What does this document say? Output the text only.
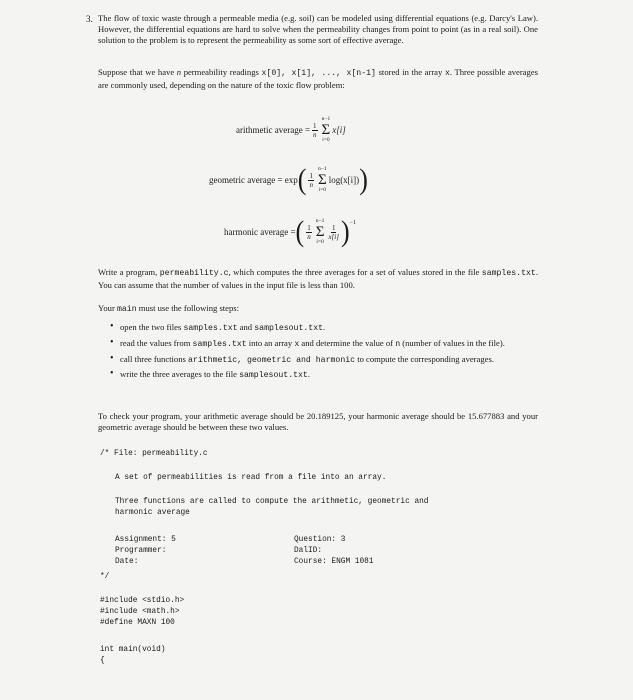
3. The flow of toxic waste through a permeable media (e.g. soil) can be modeled using differential equations (e.g. Darcy's Law). However, the differential equations are hard to solve when the permeability changes from point to point (as in a real soil). One solution to the problem is to represent the permeability as some sort of effective average.
Suppose that we have n permeability readings x[0], x[1], ..., x[n-1] stored in the array x. Three possible averages are commonly used, depending on the nature of the toxic flow problem:
arithmetic average = $\frac{1}{n}$
n−1
Σ
i=0
x[i]
geometric average = exp ( $\frac{1}{n}$
n−1
Σ
i=0
log(x[i]) )
harmonic average = ( $\frac{1}{n}$
n−1
Σ
i=0
$\frac{1}{x[i]}$ ) −1
Write a program, permeability.c, which computes the three averages for a set of values stored in the file samples.txt. You can assume that the number of values in the input file is less than 100.
Your main must use the following steps:
• open the two files samples.txt and samplesout.txt.
• read the values from samples.txt into an array x and determine the value of n (number of values in the file).
• call three functions arithmetic, geometric and harmonic to compute the corresponding averages.
• write the three averages to the file samplesout.txt.
To check your program, your arithmetic average should be 20.189125, your harmonic average should be 15.677883 and your geometric average should be between these two values.
/* File: permeability.c
A set of permeabilities is read from a file into an array.
Three functions are called to compute the arithmetic, geometric and
harmonic average
Assignment: 5
Programmer:
Date:
Question: 3
DalID:
Course: ENGM 1081
*/
#include <stdio.h>
#include <math.h>
#define MAXN 100
int main(void)
{
